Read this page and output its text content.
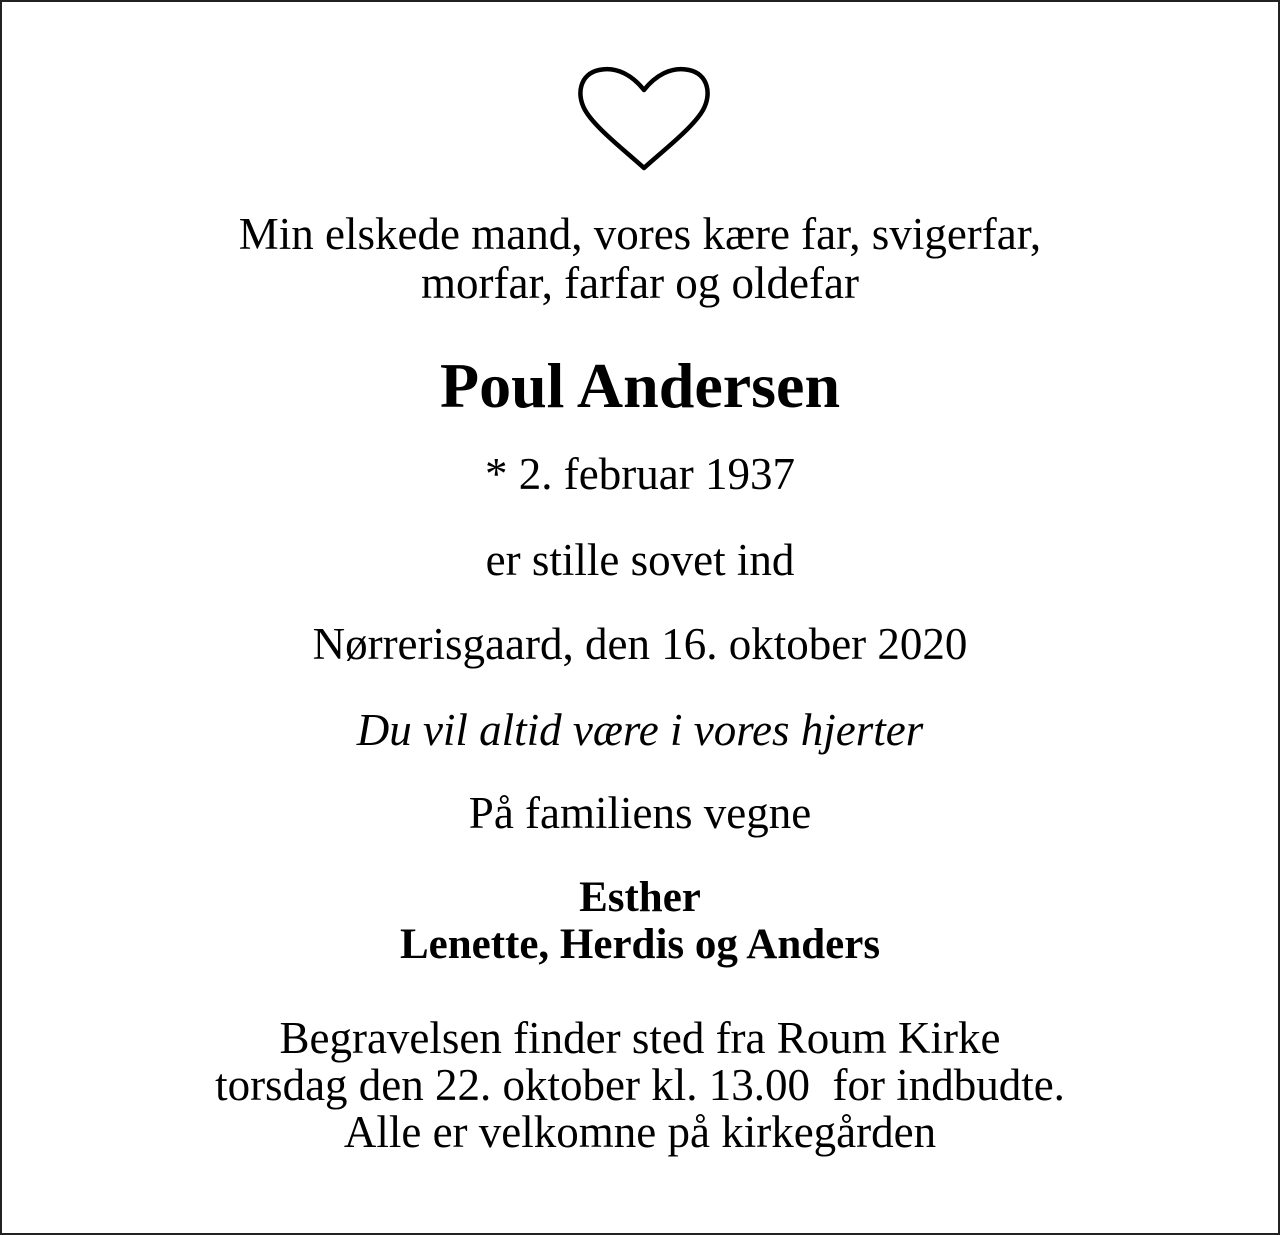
Min elskede mand, vores kære far, svigerfar,
morfar, farfar og oldefar
Poul Andersen
* 2. februar 1937
er stille sovet ind
Nørrerisgaard, den 16. oktober 2020
Du vil altid være i vores hjerter
På familiens vegne
Esther
Lenette, Herdis og Anders
Begravelsen finder sted fra Roum Kirke
torsdag den 22. oktober kl. 13.00  for indbudte.
Alle er velkomne på kirkegården
